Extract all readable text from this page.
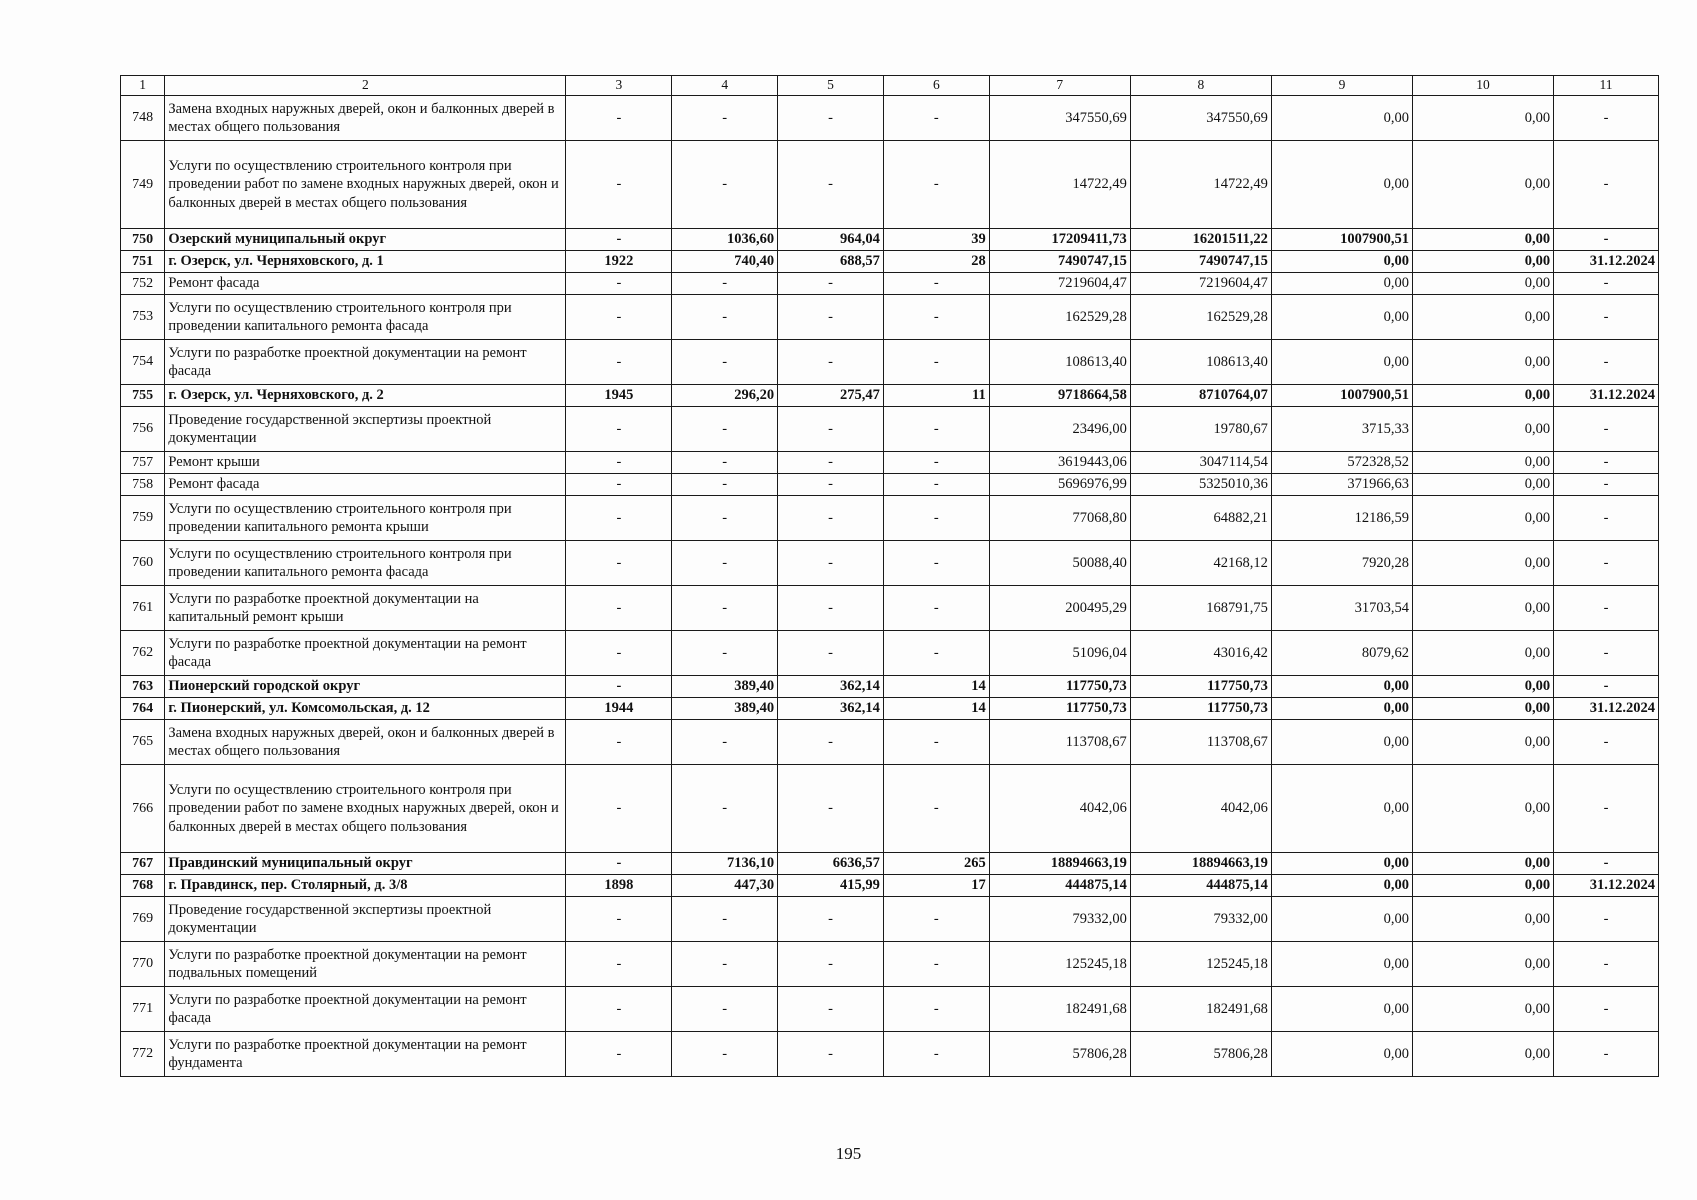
1	2	3	4	5	6	7	8	9	10	11
748	Замена входных наружных дверей, окон и балконных дверей в местах общего пользования	-	-	-	-	347550,69	347550,69	0,00	0,00	-
749	Услуги по осуществлению строительного контроля при проведении работ по замене входных наружных дверей, окон и балконных дверей в местах общего пользования	-	-	-	-	14722,49	14722,49	0,00	0,00	-
750	Озерский муниципальный округ	-	1036,60	964,04	39	17209411,73	16201511,22	1007900,51	0,00	-
751	г. Озерск, ул. Черняховского, д. 1	1922	740,40	688,57	28	7490747,15	7490747,15	0,00	0,00	31.12.2024
752	Ремонт фасада	-	-	-	-	7219604,47	7219604,47	0,00	0,00	-
753	Услуги по осуществлению строительного контроля при проведении капитального ремонта фасада	-	-	-	-	162529,28	162529,28	0,00	0,00	-
754	Услуги по разработке проектной документации на ремонт фасада	-	-	-	-	108613,40	108613,40	0,00	0,00	-
755	г. Озерск, ул. Черняховского, д. 2	1945	296,20	275,47	11	9718664,58	8710764,07	1007900,51	0,00	31.12.2024
756	Проведение государственной экспертизы проектной документации	-	-	-	-	23496,00	19780,67	3715,33	0,00	-
757	Ремонт крыши	-	-	-	-	3619443,06	3047114,54	572328,52	0,00	-
758	Ремонт фасада	-	-	-	-	5696976,99	5325010,36	371966,63	0,00	-
759	Услуги по осуществлению строительного контроля при проведении капитального ремонта крыши	-	-	-	-	77068,80	64882,21	12186,59	0,00	-
760	Услуги по осуществлению строительного контроля при проведении капитального ремонта фасада	-	-	-	-	50088,40	42168,12	7920,28	0,00	-
761	Услуги по разработке проектной документации на капитальный ремонт крыши	-	-	-	-	200495,29	168791,75	31703,54	0,00	-
762	Услуги по разработке проектной документации на ремонт фасада	-	-	-	-	51096,04	43016,42	8079,62	0,00	-
763	Пионерский городской округ	-	389,40	362,14	14	117750,73	117750,73	0,00	0,00	-
764	г. Пионерский, ул. Комсомольская, д. 12	1944	389,40	362,14	14	117750,73	117750,73	0,00	0,00	31.12.2024
765	Замена входных наружных дверей, окон и балконных дверей в местах общего пользования	-	-	-	-	113708,67	113708,67	0,00	0,00	-
766	Услуги по осуществлению строительного контроля при проведении работ по замене входных наружных дверей, окон и балконных дверей в местах общего пользования	-	-	-	-	4042,06	4042,06	0,00	0,00	-
767	Правдинский муниципальный округ	-	7136,10	6636,57	265	18894663,19	18894663,19	0,00	0,00	-
768	г. Правдинск, пер. Столярный, д. 3/8	1898	447,30	415,99	17	444875,14	444875,14	0,00	0,00	31.12.2024
769	Проведение государственной экспертизы проектной документации	-	-	-	-	79332,00	79332,00	0,00	0,00	-
770	Услуги по разработке проектной документации на ремонт подвальных помещений	-	-	-	-	125245,18	125245,18	0,00	0,00	-
771	Услуги по разработке проектной документации на ремонт фасада	-	-	-	-	182491,68	182491,68	0,00	0,00	-
772	Услуги по разработке проектной документации на ремонт фундамента	-	-	-	-	57806,28	57806,28	0,00	0,00	-
195
